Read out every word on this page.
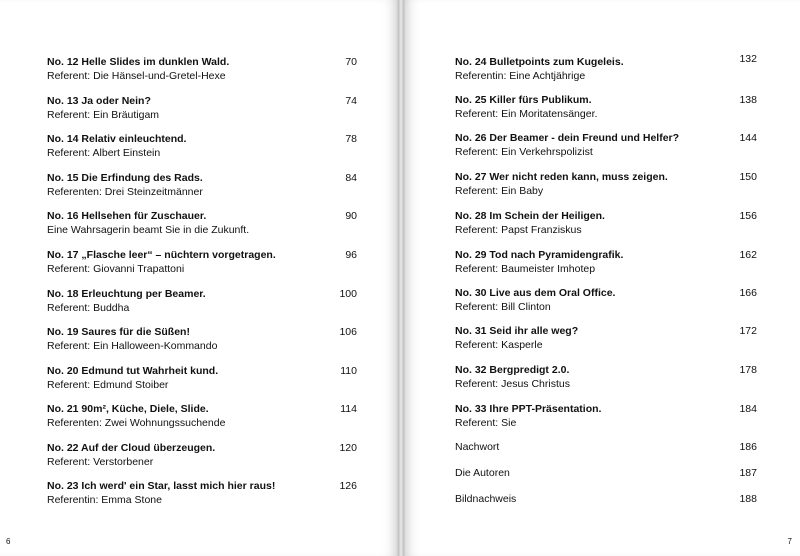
No. 12 Helle Slides im dunklen Wald.
Referent: Die Hänsel-und-Gretel-Hexe
70
No. 13 Ja oder Nein?
Referent: Ein Bräutigam
74
No. 14 Relativ einleuchtend.
Referent: Albert Einstein
78
No. 15 Die Erfindung des Rads.
Referenten: Drei Steinzeitmänner
84
No. 16 Hellsehen für Zuschauer.
Eine Wahrsagerin beamt Sie in die Zukunft.
90
No. 17 „Flasche leer“ – nüchtern vorgetragen.
Referent: Giovanni Trapattoni
96
No. 18 Erleuchtung per Beamer.
Referent: Buddha
100
No. 19 Saures für die Süßen!
Referent: Ein Halloween-Kommando
106
No. 20 Edmund tut Wahrheit kund.
Referent: Edmund Stoiber
110
No. 21 90m², Küche, Diele, Slide.
Referenten: Zwei Wohnungssuchende
114
No. 22 Auf der Cloud überzeugen.
Referent: Verstorbener
120
No. 23 Ich werd' ein Star, lasst mich hier raus!
Referentin: Emma Stone
126
6
No. 24 Bulletpoints zum Kugeleis.
Referentin: Eine Achtjährige
132
No. 25 Killer fürs Publikum.
Referent: Ein Moritatensänger.
138
No. 26 Der Beamer - dein Freund und Helfer?
Referent: Ein Verkehrspolizist
144
No. 27 Wer nicht reden kann, muss zeigen.
Referent: Ein Baby
150
No. 28 Im Schein der Heiligen.
Referent: Papst Franziskus
156
No. 29 Tod nach Pyramidengrafik.
Referent: Baumeister Imhotep
162
No. 30 Live aus dem Oral Office.
Referent: Bill Clinton
166
No. 31 Seid ihr alle weg?
Referent: Kasperle
172
No. 32 Bergpredigt 2.0.
Referent: Jesus Christus
178
No. 33 Ihre PPT-Präsentation.
Referent: Sie
184
Nachwort	186
Die Autoren	187
Bildnachweis	188
7
